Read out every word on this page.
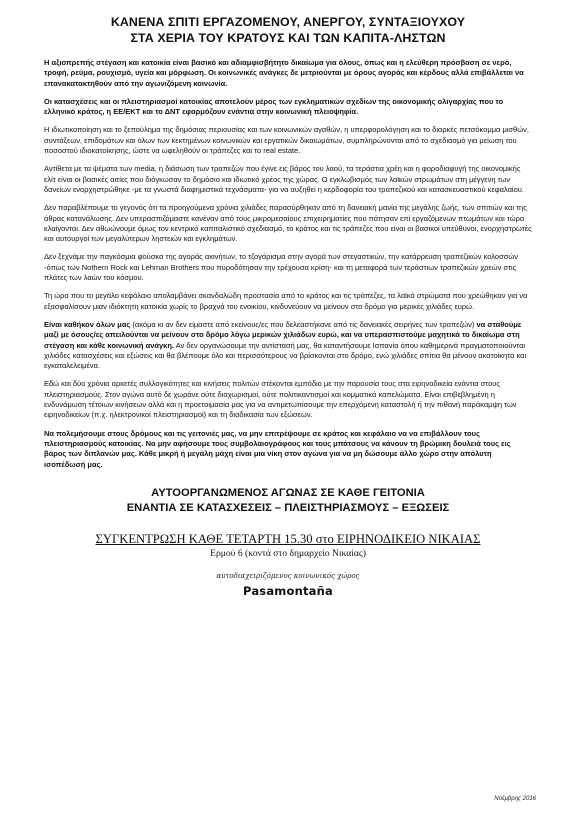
ΚΑΝΕΝΑ ΣΠΙΤΙ ΕΡΓΑΖΟΜΕΝΟΥ, ΑΝΕΡΓΟΥ, ΣΥΝΤΑΞΙΟΥΧΟΥ
ΣΤΑ ΧΕΡΙΑ ΤΟΥ ΚΡΑΤΟΥΣ ΚΑΙ ΤΩΝ ΚΑΠΙΤΑ-ΛΗΣΤΩΝ

Η αξιοπρεπής στέγαση και κατοικία είναι βασικό και αδιαμφισβήτητο δικαίωμα για όλους, όπως και η ελεύθερη πρόσβαση σε νερό, τροφή, ρεύμα, ρουχισμό, υγεία και μόρφωση. Οι κοινωνικές ανάγκες δε μετριούνται με όρους αγοράς και κέρδους αλλά επιβάλλεται να επανακατακτηθούν από την αγωνιζόμενη κοινωνία.

Οι κατασχέσεις και οι πλειστηριασμοί κατοικίας αποτελούν μέρος των εγκληματικών σχεδίων της οικονομικής ολιγαρχίας που το ελληνικό κράτος, η ΕΕ/ΕΚΤ και το ΔΝΤ εφαρμόζουν ενάντια στην κοινωνική πλειοψηφία.

Η ιδιωτικοποίηση και το ξεπούλημα της δημόσιας περιουσίας και των κοινωνικών αγαθών, η υπερφορολόγηση και το διαρκές πετσόκομμα μισθών, συντάξεων, επιδομάτων και όλων των κεκτημένων κοινωνικών και εργατικών δικαιωμάτων, συμπληρώνονται από το σχεδιασμό για μείωση του ποσοστού ιδιοκατοίκησης, ώστε να ωφεληθούν οι τράπεζες και το real estate.

Αντίθετα με τα ψέματα των media, η διάσωση των τραπεζών που έγινε εις βάρος του λαού, τα τεράστια χρέη και η φοροδιαφυγή της οικονομικής ελίτ είναι οι βασικές αιτίες που διόγκωσαν το δημόσιο και ιδιωτικό χρέος της χώρας. Ο εγκλωβισμός των λαϊκών στρωμάτων στη μέγγενη των δανείων ενορχηστρώθηκε -με τα γνωστά διαφημιστικά τεχνάσματα- για να αυξηθεί η κερδοφορία του τραπεζικού και κατασκευαστικού κεφαλαίου.

Δεν παραβλέπουμε το γεγονός ότι τα προηγούμενα χρόνια χιλιάδες παρασύρθηκαν από τη δανειακή μανία της μεγάλης ζωής, των σπιτιών και της άθρας κατανάλωσης. Δεν υπερασπιζόμαστε κανέναν από τους μικρομεσαίους επιχειρηματίες που πάτησαν επί εργαζόμενων πτωμάτων και τώρα κλαίγονται. Δεν αθωώνουμε όμως τον κεντρικό καπιταλιστικό σχεδιασμό, το κράτος και τις τράπεζες που είναι οι βασικοί υπεύθυνοι, ενορχηστρωτές και αυτουργοί των μεγαλύτερων ληστειών και εγκλημάτων.

Δεν ξεχνάμε την παγκόσμια φούσκα της αγοράς ακινήτων, το τζογάρισμα στην αγορά των στεγαστικών, την κατάρρευση τραπεζικών κολοσσών -όπως των Nothern Rock και Lehman Brothers που πυροδότησαν την τρέχουσα κρίση- και τη μεταφορά των τεράστιων τραπεζικών χρεών στις πλάτες των λαών του κόσμου.

Τη ώρα που το μεγάλο κεφάλαιο απολαμβάνει σκανδαλώδη προστασία από το κράτος και τις τράπεζες, τα λαϊκά στρώματα που χρεώθηκαν για να εξασφαλίσουν μιαν ιδιόκτητη κατοικία χωρίς το βραχνά του ενοικίου, κινδυνεύουν να μείνουν στο δρόμο για μερικές χιλιάδες ευρώ.

Είναι καθήκον όλων μας (ακόμα κι αν δεν είμαστε από εκείνους/ες που δελεαστήκανε από τις δανειακές σειρήνες των τραπεζών) να σταθούμε μαζί με όσους/ες απειλούνται να μείνουν στο δρόμο λόγω μερικών χιλιάδων ευρώ, και να υπερασπιστούμε μαχητικά το δικαίωμα στη στέγαση και κάθε κοινωνική ανάγκη. Αν δεν οργανώσουμε την αντίστασή μας, θα καταντήσουμε Ισπανία όπου καθημερινά πραγματοποιούνται χιλιάδες κατασχέσεις και εξώσεις και θα βλέπουμε όλο και περισσότερους να βρίσκονται στο δρόμο, ενώ χιλιάδες σπίτια θα μένουν ακατοίκητα και εγκαταλελειμένα.

Εδώ και δύο χρόνια αρκετές συλλογικότητες και κινήσεις πολιτών στέκονται εμπόδιο με την παρουσία τους στα ειρηνοδικεία ενάντια στους πλειστηριασμούς. Στον αγώνα αυτό δε χωράνε ούτε διαχωρισμοί, ούτε πολιτικαντισμοί και κομματικά καπελώματα. Είναι επιβεβλημένη η ενδυνάμωση τέτοιων κινήσεων αλλά και η προετοιμασία μας για να αντιμετωπίσουμε την επερχόμενη καταστολή ή την πιθανή παράκαμψη των ειρηνοδικείων (π.χ. ηλεκτρονικοί πλειστηριασμοί) και τη διαδικασία των εξώσεων.

Να πολεμήσουμε στους δρόμους και τις γειτονιές μας, να μην επιτρέψουμε σε κράτος και κεφάλαιο να να επιβάλλουν τους πλειστηριασμούς κατοικίας. Να μην αφήσουμε τους συμβολαιογράφους και τους μπάτσους να κάνουν τη βρώμικη δουλειά τους εις βάρος των διπλανών μας. Κάθε μικρή ή μεγάλη μάχη είναι μια νίκη στον αγώνα για να μη δώσουμε άλλο χώρο στην απόλυτη ισοπέδωσή μας.

ΑΥΤΟΟΡΓΑΝΩΜΕΝΟΣ ΑΓΩΝΑΣ ΣΕ ΚΑΘΕ ΓΕΙΤΟΝΙΑ
ΕΝΑΝΤΙΑ ΣΕ ΚΑΤΑΣΧΕΣΕΙΣ – ΠΛΕΙΣΤΗΡΙΑΣΜΟΥΣ – ΕΞΩΣΕΙΣ
ΣΥΓΚΕΝΤΡΩΣΗ ΚΑΘΕ ΤΕΤΑΡΤΗ 15.30 στο ΕΙΡΗΝΟΔΙΚΕΙΟ ΝΙΚΑΙΑΣ
Ερμού 6 (κοντά στο δημαρχείο Νικαίας)
αυτοδιαχειριζόμενος κοινωνικός χώρος
Pasamontaña
Νοέμβρης 2016
